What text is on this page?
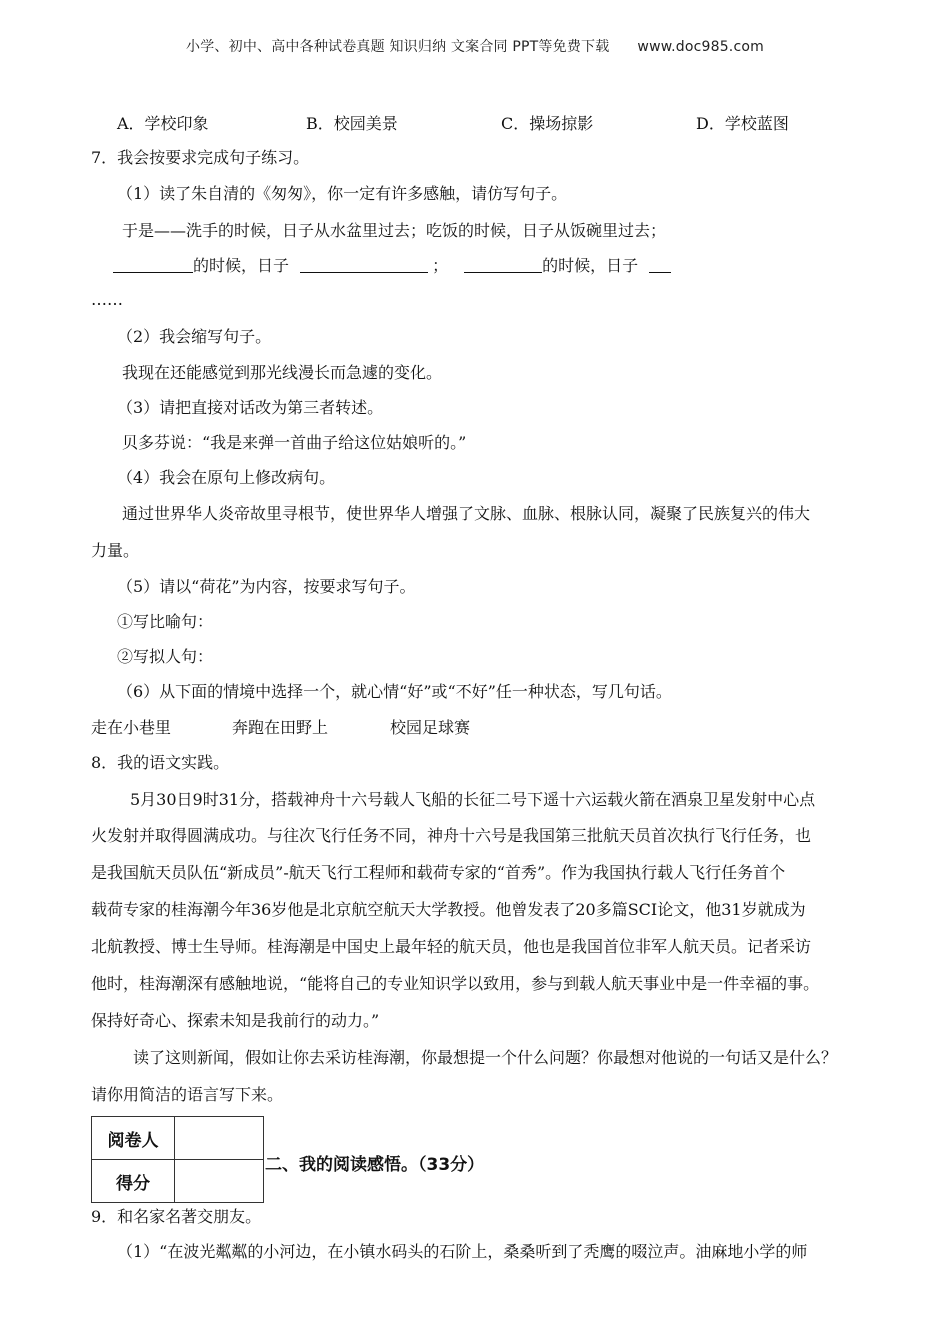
小学、初中、高中各种试卷真题 知识归纳 文案合同 PPT等免费下载 www.doc985.com
A．学校印象	B．校园美景	C．操场掠影	D．学校蓝图
7．我会按要求完成句子练习。
（1）读了朱自清的《匆匆》，你一定有许多感触，请仿写句子。
于是——洗手的时候，日子从水盆里过去；吃饭的时候，日子从饭碗里过去；
的时候，日子	；	的时候，日子
……
（2）我会缩写句子。
我现在还能感觉到那光线漫长而急遽的变化。
（3）请把直接对话改为第三者转述。
贝多芬说：“我是来弹一首曲子给这位姑娘听的。”
（4）我会在原句上修改病句。
通过世界华人炎帝故里寻根节，使世界华人增强了文脉、血脉、根脉认同，凝聚了民族复兴的伟大
力量。
（5）请以“荷花”为内容，按要求写句子。
①写比喻句：
②写拟人句：
（6）从下面的情境中选择一个，就心情“好”或“不好”任一种状态，写几句话。
走在小巷里	奔跑在田野上	校园足球赛
8．我的语文实践。
5月30日9时31分，搭载神舟十六号载人飞船的长征二号下遥十六运载火箭在酒泉卫星发射中心点
火发射并取得圆满成功。与往次飞行任务不同，神舟十六号是我国第三批航天员首次执行飞行任务，也
是我国航天员队伍“新成员”-航天飞行工程师和载荷专家的“首秀”。作为我国执行载人飞行任务首个
载荷专家的桂海潮今年36岁他是北京航空航天大学教授。他曾发表了20多篇SCI论文，他31岁就成为
北航教授、博士生导师。桂海潮是中国史上最年轻的航天员，他也是我国首位非军人航天员。记者采访
他时，桂海潮深有感触地说，“能将自己的专业知识学以致用，参与到载人航天事业中是一件幸福的事。
保持好奇心、探索未知是我前行的动力。”
读了这则新闻，假如让你去采访桂海潮，你最想提一个什么问题？你最想对他说的一句话又是什么？
请你用简洁的语言写下来。
阅卷人	
得分	
二、我的阅读感悟。（33分）
9．和名家名著交朋友。
（1）“在波光粼粼的小河边，在小镇水码头的石阶上，桑桑听到了秃鹰的啜泣声。油麻地小学的师
